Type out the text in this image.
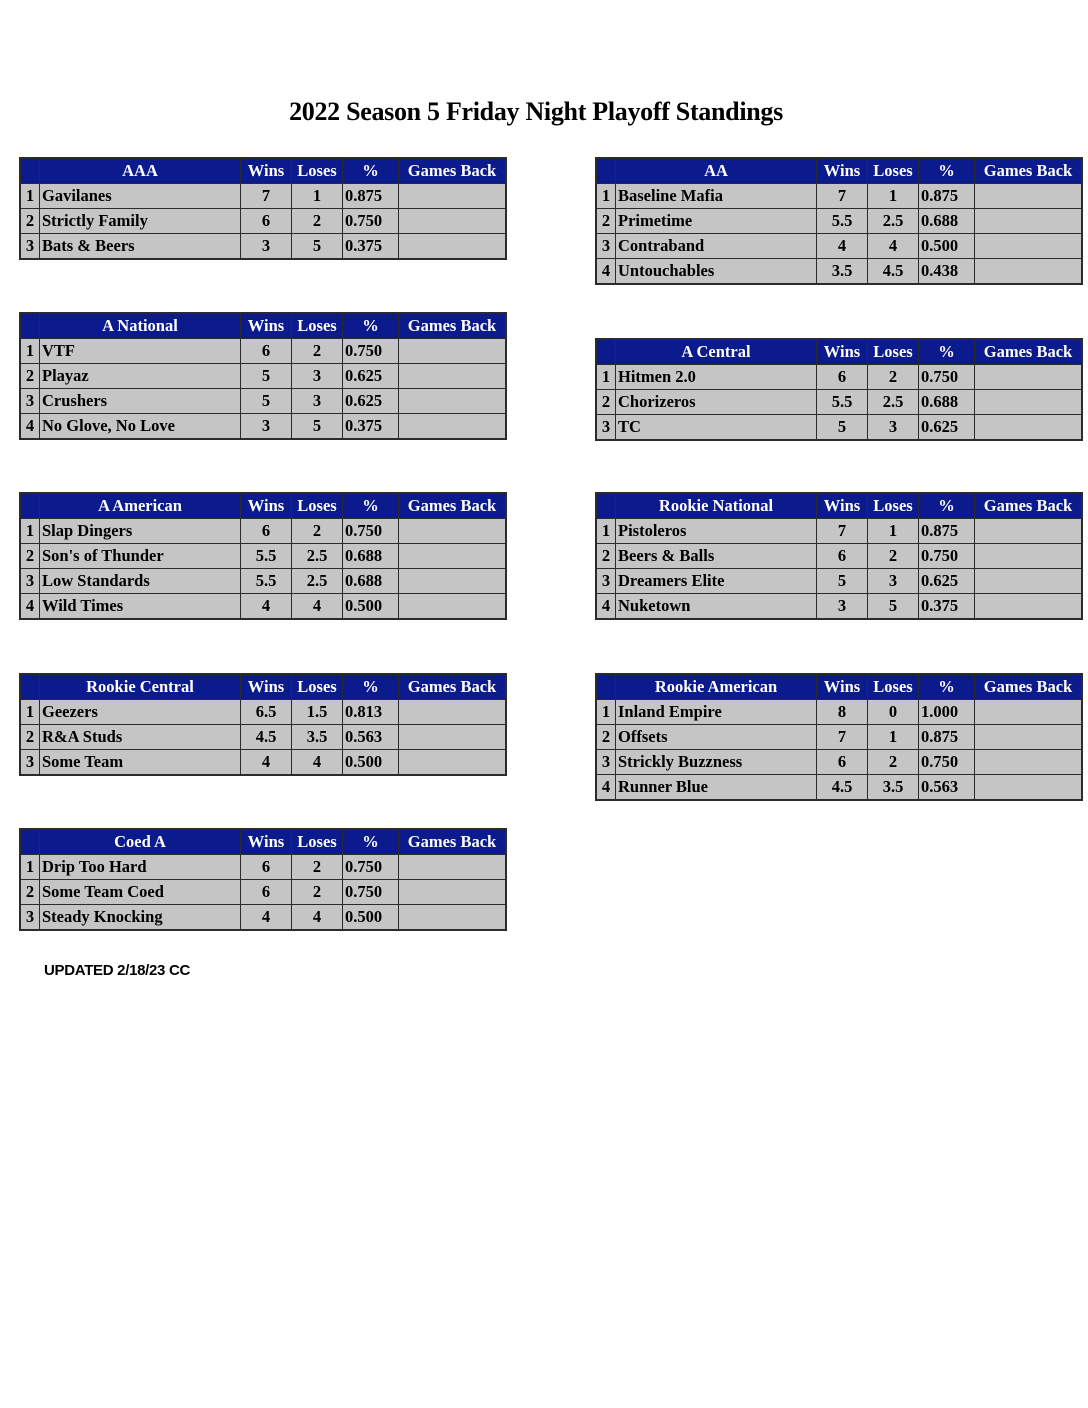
2022 Season 5 Friday Night Playoff Standings
	AAA	Wins	Loses	%	Games Back
1	Gavilanes	7	1	0.875	
2	Strictly Family	6	2	0.750	
3	Bats & Beers	3	5	0.375	
	AA	Wins	Loses	%	Games Back
1	Baseline Mafia	7	1	0.875	
2	Primetime	5.5	2.5	0.688	
3	Contraband	4	4	0.500	
4	Untouchables	3.5	4.5	0.438	
	A National	Wins	Loses	%	Games Back
1	VTF	6	2	0.750	
2	Playaz	5	3	0.625	
3	Crushers	5	3	0.625	
4	No Glove, No Love	3	5	0.375	
	A Central	Wins	Loses	%	Games Back
1	Hitmen 2.0	6	2	0.750	
2	Chorizeros	5.5	2.5	0.688	
3	TC	5	3	0.625	
	A American	Wins	Loses	%	Games Back
1	Slap Dingers	6	2	0.750	
2	Son's of Thunder	5.5	2.5	0.688	
3	Low Standards	5.5	2.5	0.688	
4	Wild Times	4	4	0.500	
	Rookie National	Wins	Loses	%	Games Back
1	Pistoleros	7	1	0.875	
2	Beers & Balls	6	2	0.750	
3	Dreamers Elite	5	3	0.625	
4	Nuketown	3	5	0.375	
	Rookie Central	Wins	Loses	%	Games Back
1	Geezers	6.5	1.5	0.813	
2	R&A Studs	4.5	3.5	0.563	
3	Some Team	4	4	0.500	
	Rookie American	Wins	Loses	%	Games Back
1	Inland Empire	8	0	1.000	
2	Offsets	7	1	0.875	
3	Strickly Buzzness	6	2	0.750	
4	Runner Blue	4.5	3.5	0.563	
	Coed A	Wins	Loses	%	Games Back
1	Drip Too Hard	6	2	0.750	
2	Some Team Coed	6	2	0.750	
3	Steady Knocking	4	4	0.500	
UPDATED 2/18/23 CC
